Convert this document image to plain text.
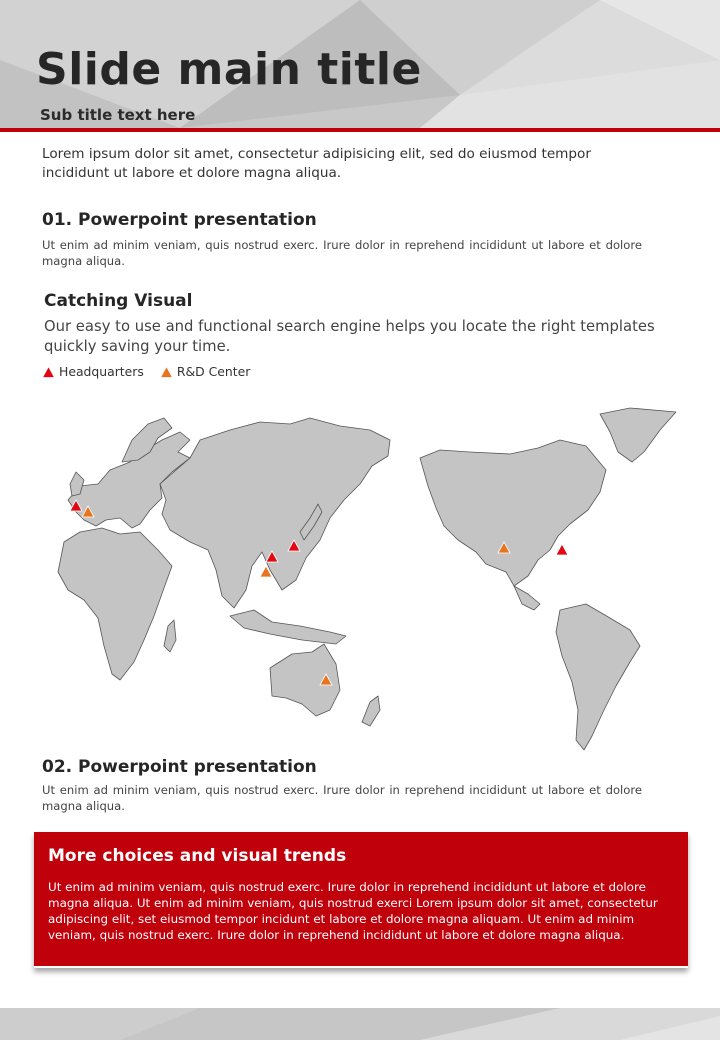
Slide main title
Sub title text here
Lorem ipsum dolor sit amet, consectetur adipisicing elit, sed do eiusmod tempor incididunt ut labore et dolore magna aliqua.
01. Powerpoint presentation
Ut enim ad minim veniam, quis nostrud exerc. Irure dolor in reprehend incididunt ut labore et dolore magna aliqua.
Catching Visual
Our easy to use and functional search engine helps you locate the right templates quickly saving your time.
Headquarters	R&D Center
02. Powerpoint presentation
Ut enim ad minim veniam, quis nostrud exerc. Irure dolor in reprehend incididunt ut labore et dolore magna aliqua.
More choices and visual trends
Ut enim ad minim veniam, quis nostrud exerc. Irure dolor in reprehend incididunt ut labore et dolore magna aliqua. Ut enim ad minim veniam, quis nostrud exerci Lorem ipsum dolor sit amet, consectetur adipiscing elit, set eiusmod tempor incidunt et labore et dolore magna aliquam. Ut enim ad minim veniam, quis nostrud exerc. Irure dolor in reprehend incididunt ut labore et dolore magna aliqua.
